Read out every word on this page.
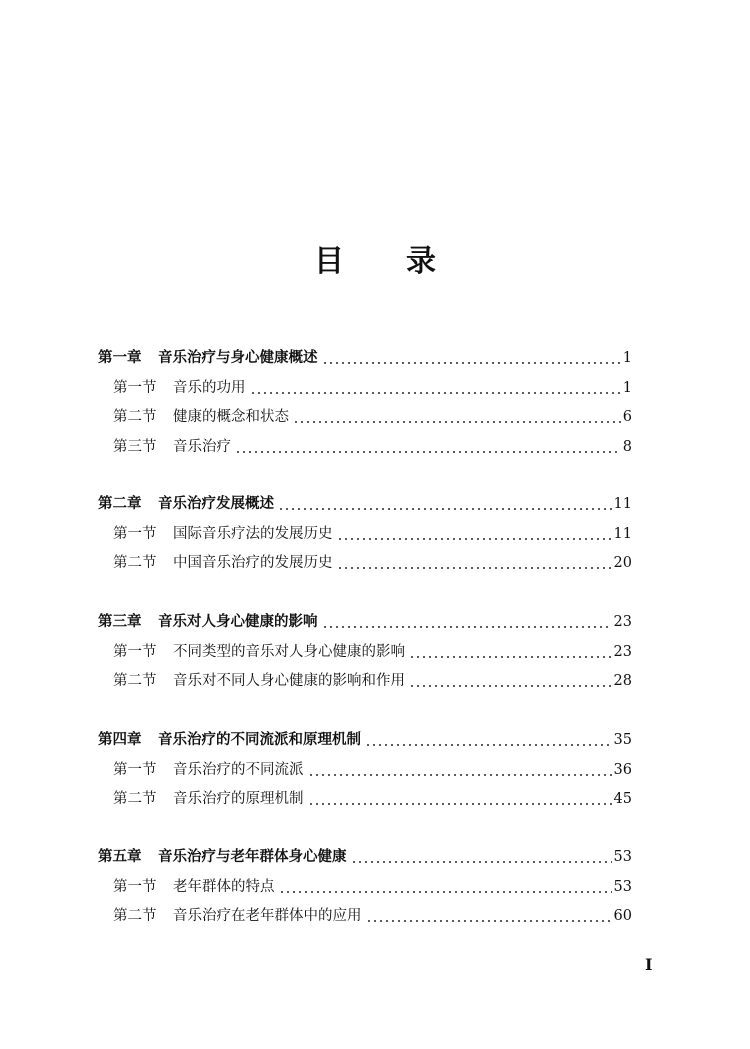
目 录
第一章	音乐治疗与身心健康概述	1
第一节	音乐的功用	1
第二节	健康的概念和状态	6
第三节	音乐治疗	8
第二章	音乐治疗发展概述	11
第一节	国际音乐疗法的发展历史	11
第二节	中国音乐治疗的发展历史	20
第三章	音乐对人身心健康的影响	23
第一节	不同类型的音乐对人身心健康的影响	23
第二节	音乐对不同人身心健康的影响和作用	28
第四章	音乐治疗的不同流派和原理机制	35
第一节	音乐治疗的不同流派	36
第二节	音乐治疗的原理机制	45
第五章	音乐治疗与老年群体身心健康	53
第一节	老年群体的特点	53
第二节	音乐治疗在老年群体中的应用	60
I
